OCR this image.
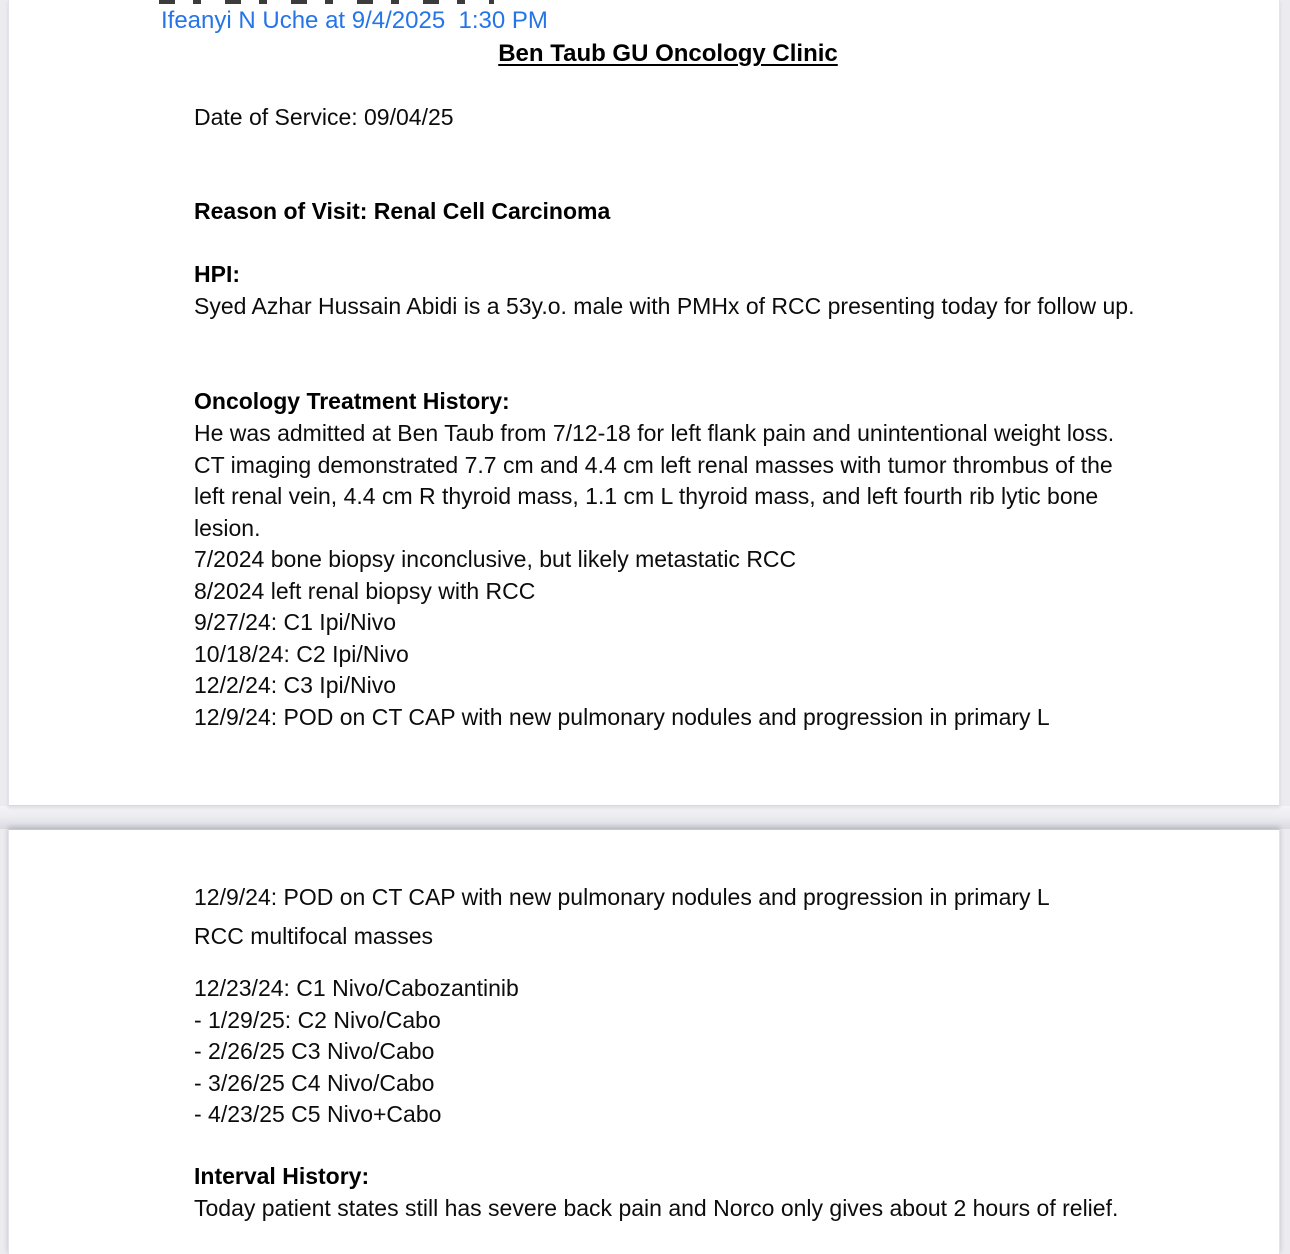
Ifeanyi N Uche at 9/4/2025  1:30 PM
Ben Taub GU Oncology Clinic
Date of Service: 09/04/25
Reason of Visit: Renal Cell Carcinoma
HPI:
Syed Azhar Hussain Abidi is a 53y.o. male with PMHx of RCC presenting today for follow up.
Oncology Treatment History:
He was admitted at Ben Taub from 7/12-18 for left flank pain and unintentional weight loss. CT imaging demonstrated 7.7 cm and 4.4 cm left renal masses with tumor thrombus of the left renal vein, 4.4 cm R thyroid mass, 1.1 cm L thyroid mass, and left fourth rib lytic bone lesion.
7/2024 bone biopsy inconclusive, but likely metastatic RCC
8/2024 left renal biopsy with RCC
9/27/24: C1 Ipi/Nivo
10/18/24: C2 Ipi/Nivo
12/2/24: C3 Ipi/Nivo
12/9/24: POD on CT CAP with new pulmonary nodules and progression in primary L
12/9/24: POD on CT CAP with new pulmonary nodules and progression in primary L
RCC multifocal masses
12/23/24: C1 Nivo/Cabozantinib
- 1/29/25: C2 Nivo/Cabo
- 2/26/25 C3 Nivo/Cabo
- 3/26/25 C4 Nivo/Cabo
- 4/23/25 C5 Nivo+Cabo
Interval History:
Today patient states still has severe back pain and Norco only gives about 2 hours of relief.
